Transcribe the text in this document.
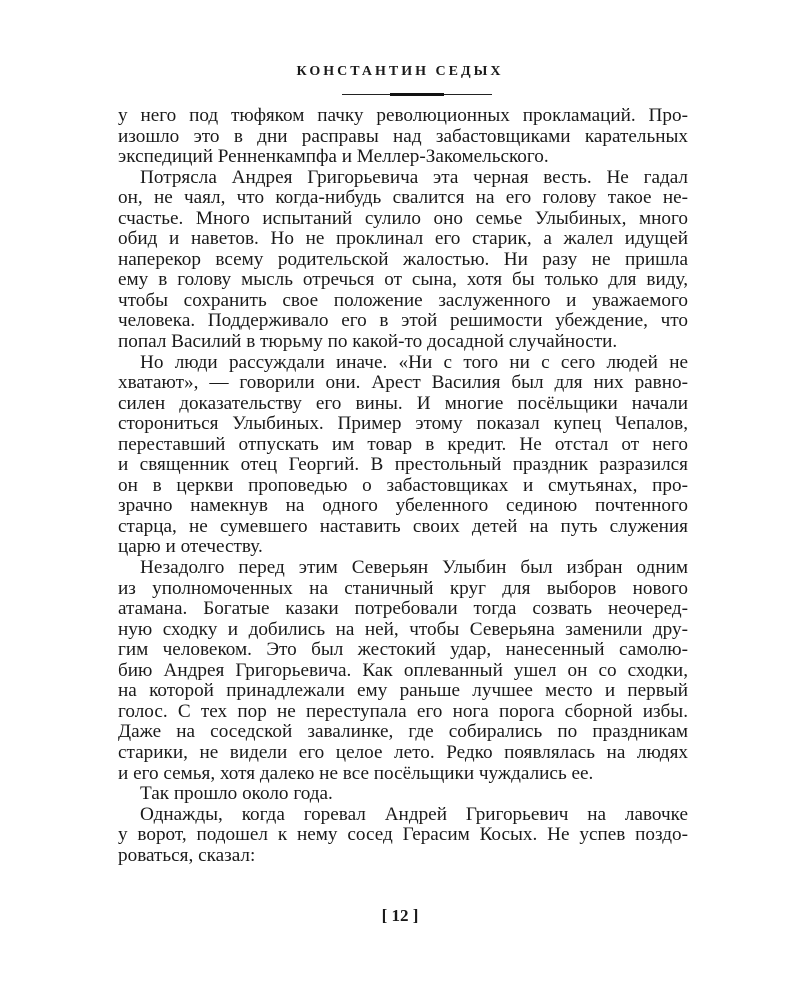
КОНСТАНТИН СЕДЫХ
у него под тюфяком пачку революционных прокламаций. Про-
изошло это в дни расправы над забастовщиками карательных
экспедиций Ренненкампфа и Меллер-Закомельского.
Потрясла Андрея Григорьевича эта черная весть. Не гадал
он, не чаял, что когда-нибудь свалится на его голову такое не-
счастье. Много испытаний сулило оно семье Улыбиных, много
обид и наветов. Но не проклинал его старик, а жалел идущей
наперекор всему родительской жалостью. Ни разу не пришла
ему в голову мысль отречься от сына, хотя бы только для виду,
чтобы сохранить свое положение заслуженного и уважаемого
человека. Поддерживало его в этой решимости убеждение, что
попал Василий в тюрьму по какой-то досадной случайности.
Но люди рассуждали иначе. «Ни с того ни с сего людей не
хватают», — говорили они. Арест Василия был для них равно-
силен доказательству его вины. И многие посёльщики начали
сторониться Улыбиных. Пример этому показал купец Чепалов,
переставший отпускать им товар в кредит. Не отстал от него
и священник отец Георгий. В престольный праздник разразился
он в церкви проповедью о забастовщиках и смутьянах, про-
зрачно намекнув на одного убеленного сединою почтенного
старца, не сумевшего наставить своих детей на путь служения
царю и отечеству.
Незадолго перед этим Северьян Улыбин был избран одним
из уполномоченных на станичный круг для выборов нового
атамана. Богатые казаки потребовали тогда созвать неочеред-
ную сходку и добились на ней, чтобы Северьяна заменили дру-
гим человеком. Это был жестокий удар, нанесенный самолю-
бию Андрея Григорьевича. Как оплеванный ушел он со сходки,
на которой принадлежали ему раньше лучшее место и первый
голос. С тех пор не переступала его нога порога сборной избы.
Даже на соседской завалинке, где собирались по праздникам
старики, не видели его целое лето. Редко появлялась на людях
и его семья, хотя далеко не все посёльщики чуждались ее.
Так прошло около года.
Однажды, когда горевал Андрей Григорьевич на лавочке
у ворот, подошел к нему сосед Герасим Косых. Не успев поздо-
роваться, сказал:
[ 12 ]
